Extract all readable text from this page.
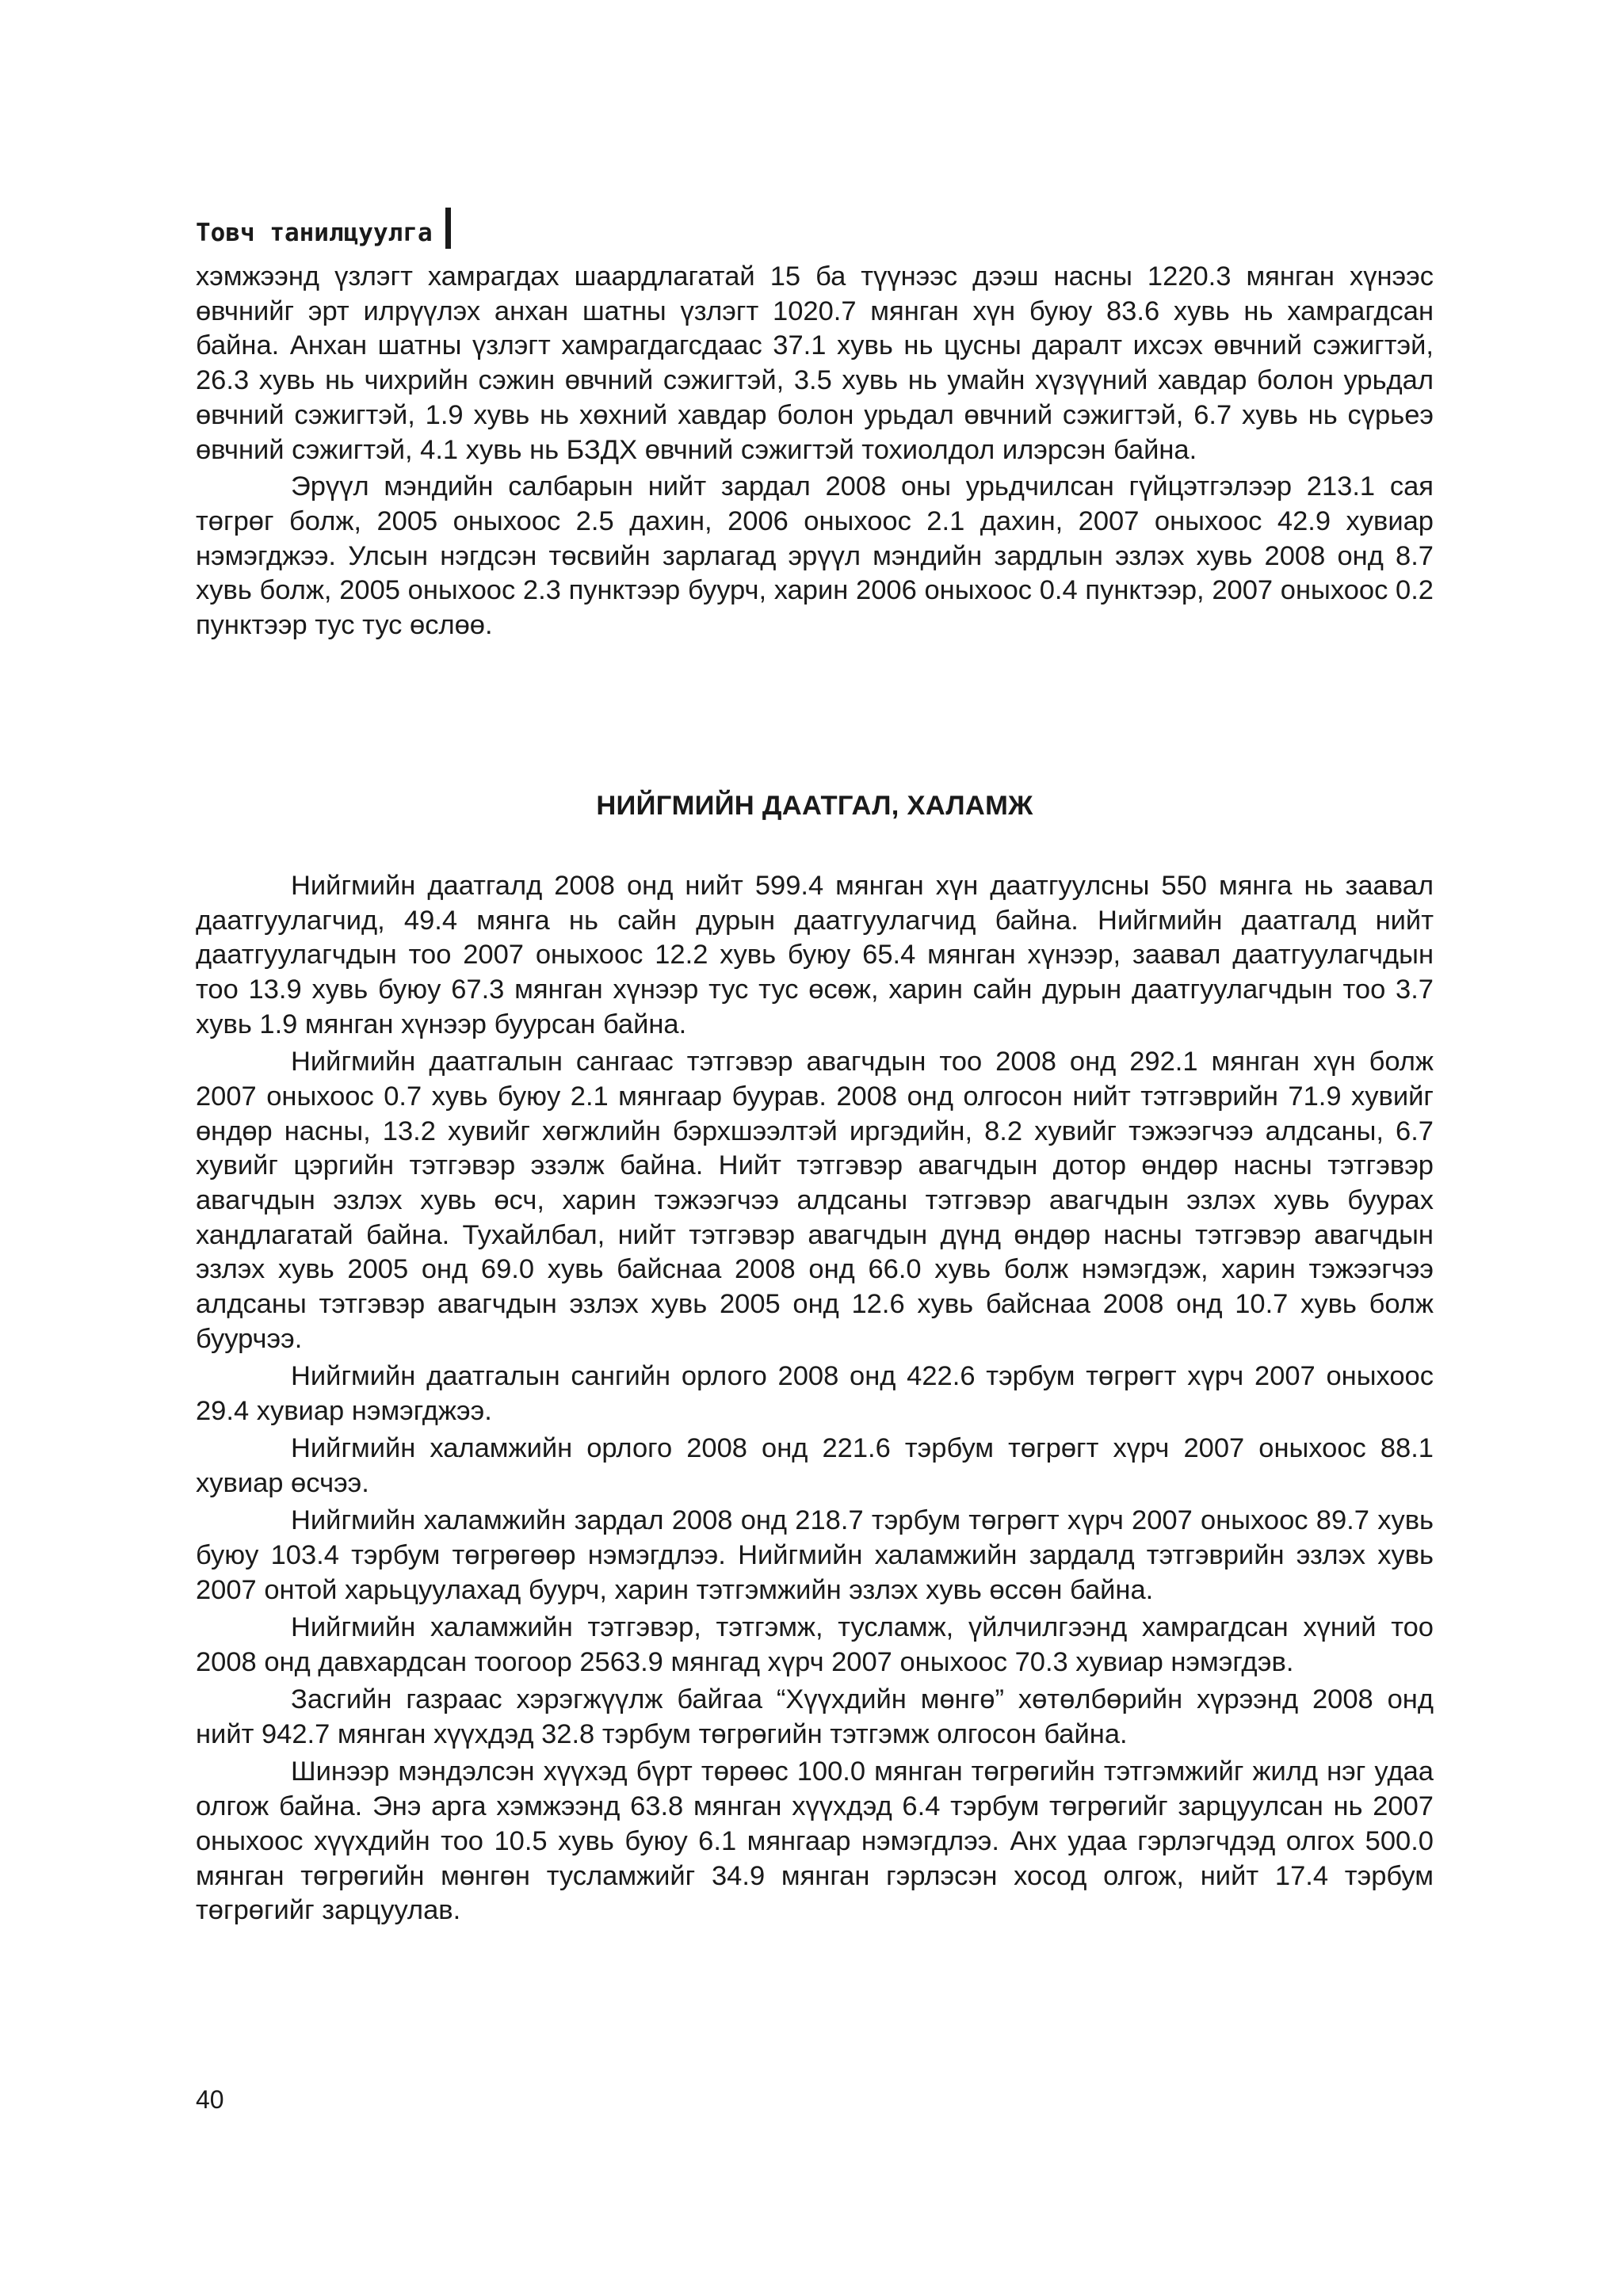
Товч танилцуулга

хэмжээнд үзлэгт хамрагдах шаардлагатай 15 ба түүнээс дээш насны 1220.3 мянган хүнээс өвчнийг эрт илрүүлэх анхан шатны үзлэгт 1020.7 мянган хүн буюу 83.6 хувь нь хамрагдсан байна. Анхан шатны үзлэгт хамрагдагсдаас 37.1 хувь нь цусны даралт ихсэх өвчний сэжигтэй, 26.3 хувь нь чихрийн сэжин өвчний сэжигтэй, 3.5 хувь нь умайн хүзүүний хавдар болон урьдал өвчний сэжигтэй, 1.9 хувь нь хөхний хавдар болон урьдал өвчний сэжигтэй, 6.7 хувь нь сүрьеэ өвчний сэжигтэй, 4.1 хувь нь БЗДХ өвчний сэжигтэй тохиолдол илэрсэн байна.

Эрүүл мэндийн салбарын нийт зардал 2008 оны урьдчилсан гүйцэтгэлээр 213.1 сая төгрөг болж, 2005 оныхоос 2.5 дахин, 2006 оныхоос 2.1 дахин, 2007 оныхоос 42.9 хувиар нэмэгджээ. Улсын нэгдсэн төсвийн зарлагад эрүүл мэндийн зардлын эзлэх хувь 2008 онд 8.7 хувь болж, 2005 оныхоос 2.3 пунктээр буурч, харин 2006 оныхоос 0.4 пунктээр, 2007 оныхоос 0.2 пунктээр тус тус өслөө.

НИЙГМИЙН ДААТГАЛ, ХАЛАМЖ

Нийгмийн даатгалд 2008 онд нийт 599.4 мянган хүн даатгуулсны 550 мянга нь заавал даатгуулагчид, 49.4 мянга нь сайн дурын даатгуулагчид байна. Нийгмийн даатгалд нийт даатгуулагчдын тоо 2007 оныхоос 12.2 хувь буюу 65.4 мянган хүнээр, заавал даатгуулагчдын тоо 13.9 хувь буюу 67.3 мянган хүнээр тус тус өсөж, харин сайн дурын даатгуулагчдын тоо 3.7 хувь 1.9 мянган хүнээр буурсан байна.

Нийгмийн даатгалын сангаас тэтгэвэр авагчдын тоо 2008 онд 292.1 мянган хүн болж 2007 оныхоос 0.7 хувь буюу 2.1 мянгаар буурав. 2008 онд олгосон нийт тэтгэврийн 71.9 хувийг өндөр насны, 13.2 хувийг хөгжлийн бэрхшээлтэй иргэдийн, 8.2 хувийг тэжээгчээ алдсаны, 6.7 хувийг цэргийн тэтгэвэр эзэлж байна. Нийт тэтгэвэр авагчдын дотор өндөр насны тэтгэвэр авагчдын эзлэх хувь өсч, харин тэжээгчээ алдсаны тэтгэвэр авагчдын эзлэх хувь буурах хандлагатай байна. Тухайлбал, нийт тэтгэвэр авагчдын дүнд өндөр насны тэтгэвэр авагчдын эзлэх хувь 2005 онд 69.0 хувь байснаа 2008 онд 66.0 хувь болж нэмэгдэж, харин тэжээгчээ алдсаны тэтгэвэр авагчдын эзлэх хувь 2005 онд 12.6 хувь байснаа 2008 онд 10.7 хувь болж буурчээ.

Нийгмийн даатгалын сангийн орлого 2008 онд 422.6 тэрбум төгрөгт хүрч 2007 оныхоос 29.4 хувиар нэмэгджээ.

Нийгмийн халамжийн орлого 2008 онд 221.6 тэрбум төгрөгт хүрч 2007 оныхоос 88.1 хувиар өсчээ.

Нийгмийн халамжийн зардал 2008 онд 218.7 тэрбум төгрөгт хүрч 2007 оныхоос 89.7 хувь буюу 103.4 тэрбум төгрөгөөр нэмэгдлээ. Нийгмийн халамжийн зардалд тэтгэврийн эзлэх хувь 2007 онтой харьцуулахад буурч, харин тэтгэмжийн эзлэх хувь өссөн байна.

Нийгмийн халамжийн тэтгэвэр, тэтгэмж, тусламж, үйлчилгээнд хамрагдсан хүний тоо 2008 онд давхардсан тоогоор 2563.9 мянгад хүрч 2007 оныхоос 70.3 хувиар нэмэгдэв.

Засгийн газраас хэрэгжүүлж байгаа “Хүүхдийн мөнгө” хөтөлбөрийн хүрээнд 2008 онд нийт 942.7 мянган хүүхдэд 32.8 тэрбум төгрөгийн тэтгэмж олгосон байна.

Шинээр мэндэлсэн хүүхэд бүрт төрөөс 100.0 мянган төгрөгийн тэтгэмжийг жилд нэг удаа олгож байна. Энэ арга хэмжээнд 63.8 мянган хүүхдэд 6.4 тэрбум төгрөгийг зарцуулсан нь 2007 оныхоос хүүхдийн тоо 10.5 хувь буюу 6.1 мянгаар нэмэгдлээ. Анх удаа гэрлэгчдэд олгох 500.0 мянган төгрөгийн мөнгөн тусламжийг 34.9 мянган гэрлэсэн хосод олгож, нийт 17.4 тэрбум төгрөгийг зарцуулав.

40
